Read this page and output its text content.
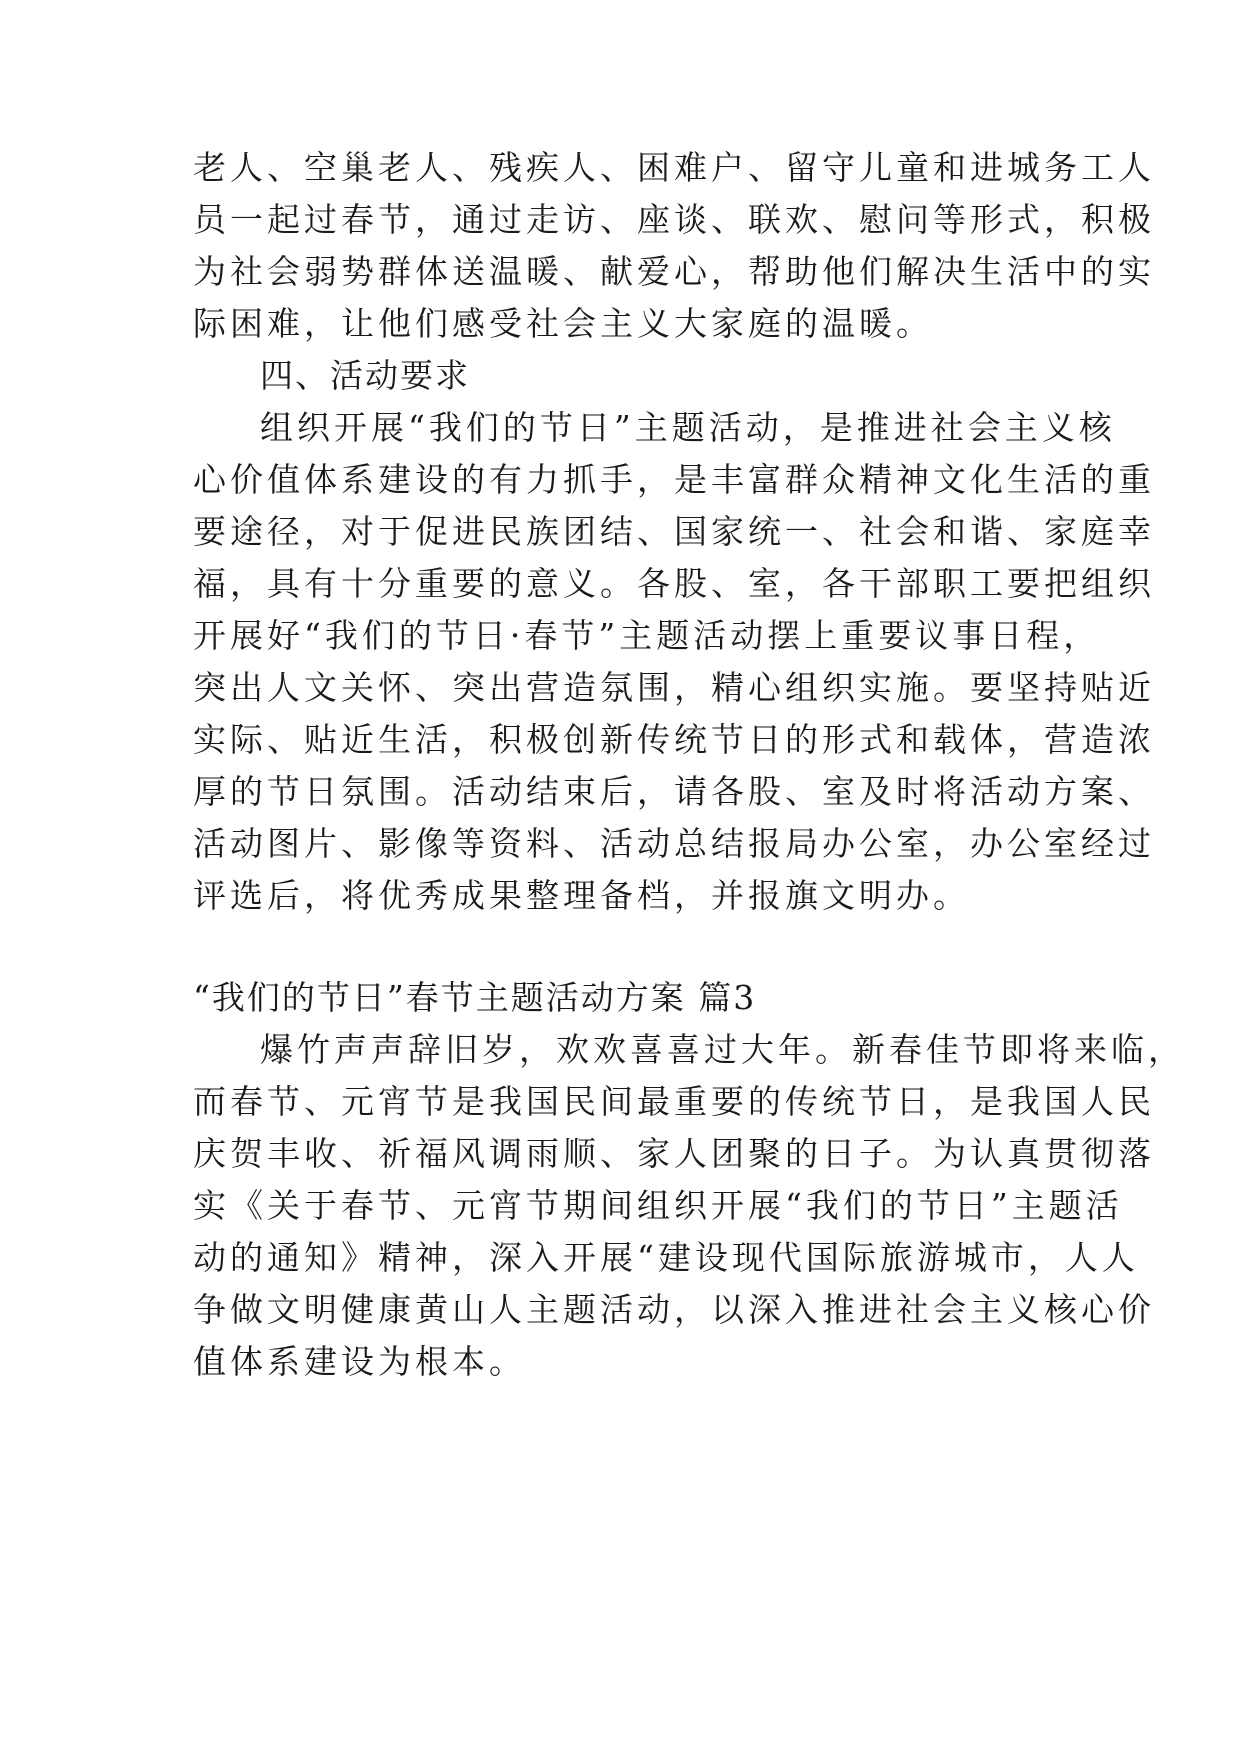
老人、空巢老人、残疾人、困难户、留守儿童和进城务工人
员一起过春节，通过走访、座谈、联欢、慰问等形式，积极
为社会弱势群体送温暖、献爱心，帮助他们解决生活中的实
际困难，让他们感受社会主义大家庭的温暖。
四、活动要求
组织开展“我们的节日”主题活动，是推进社会主义核
心价值体系建设的有力抓手，是丰富群众精神文化生活的重
要途径，对于促进民族团结、国家统一、社会和谐、家庭幸
福，具有十分重要的意义。各股、室，各干部职工要把组织
开展好“我们的节日·春节”主题活动摆上重要议事日程，
突出人文关怀、突出营造氛围，精心组织实施。要坚持贴近
实际、贴近生活，积极创新传统节日的形式和载体，营造浓
厚的节日氛围。活动结束后，请各股、室及时将活动方案、
活动图片、影像等资料、活动总结报局办公室，办公室经过
评选后，将优秀成果整理备档，并报旗文明办。
“我们的节日”春节主题活动方案 篇3
爆竹声声辞旧岁，欢欢喜喜过大年。新春佳节即将来临，
而春节、元宵节是我国民间最重要的传统节日，是我国人民
庆贺丰收、祈福风调雨顺、家人团聚的日子。为认真贯彻落
实《关于春节、元宵节期间组织开展“我们的节日”主题活
动的通知》精神，深入开展“建设现代国际旅游城市，人人
争做文明健康黄山人主题活动，以深入推进社会主义核心价
值体系建设为根本。
